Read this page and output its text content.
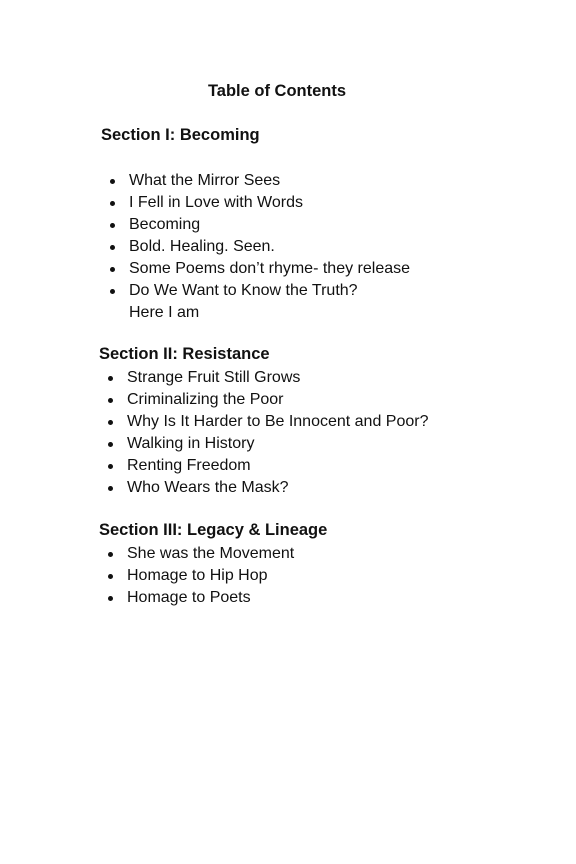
Table of Contents
Section I: Becoming
What the Mirror Sees
I Fell in Love with Words
Becoming
Bold. Healing. Seen.
Some Poems don’t rhyme- they release
Do We Want to Know the Truth?
Here I am
Section II: Resistance
Strange Fruit Still Grows
Criminalizing the Poor
Why Is It Harder to Be Innocent and Poor?
Walking in History
Renting Freedom
Who Wears the Mask?
Section III: Legacy & Lineage
She was the Movement
Homage to Hip Hop
Homage to Poets
